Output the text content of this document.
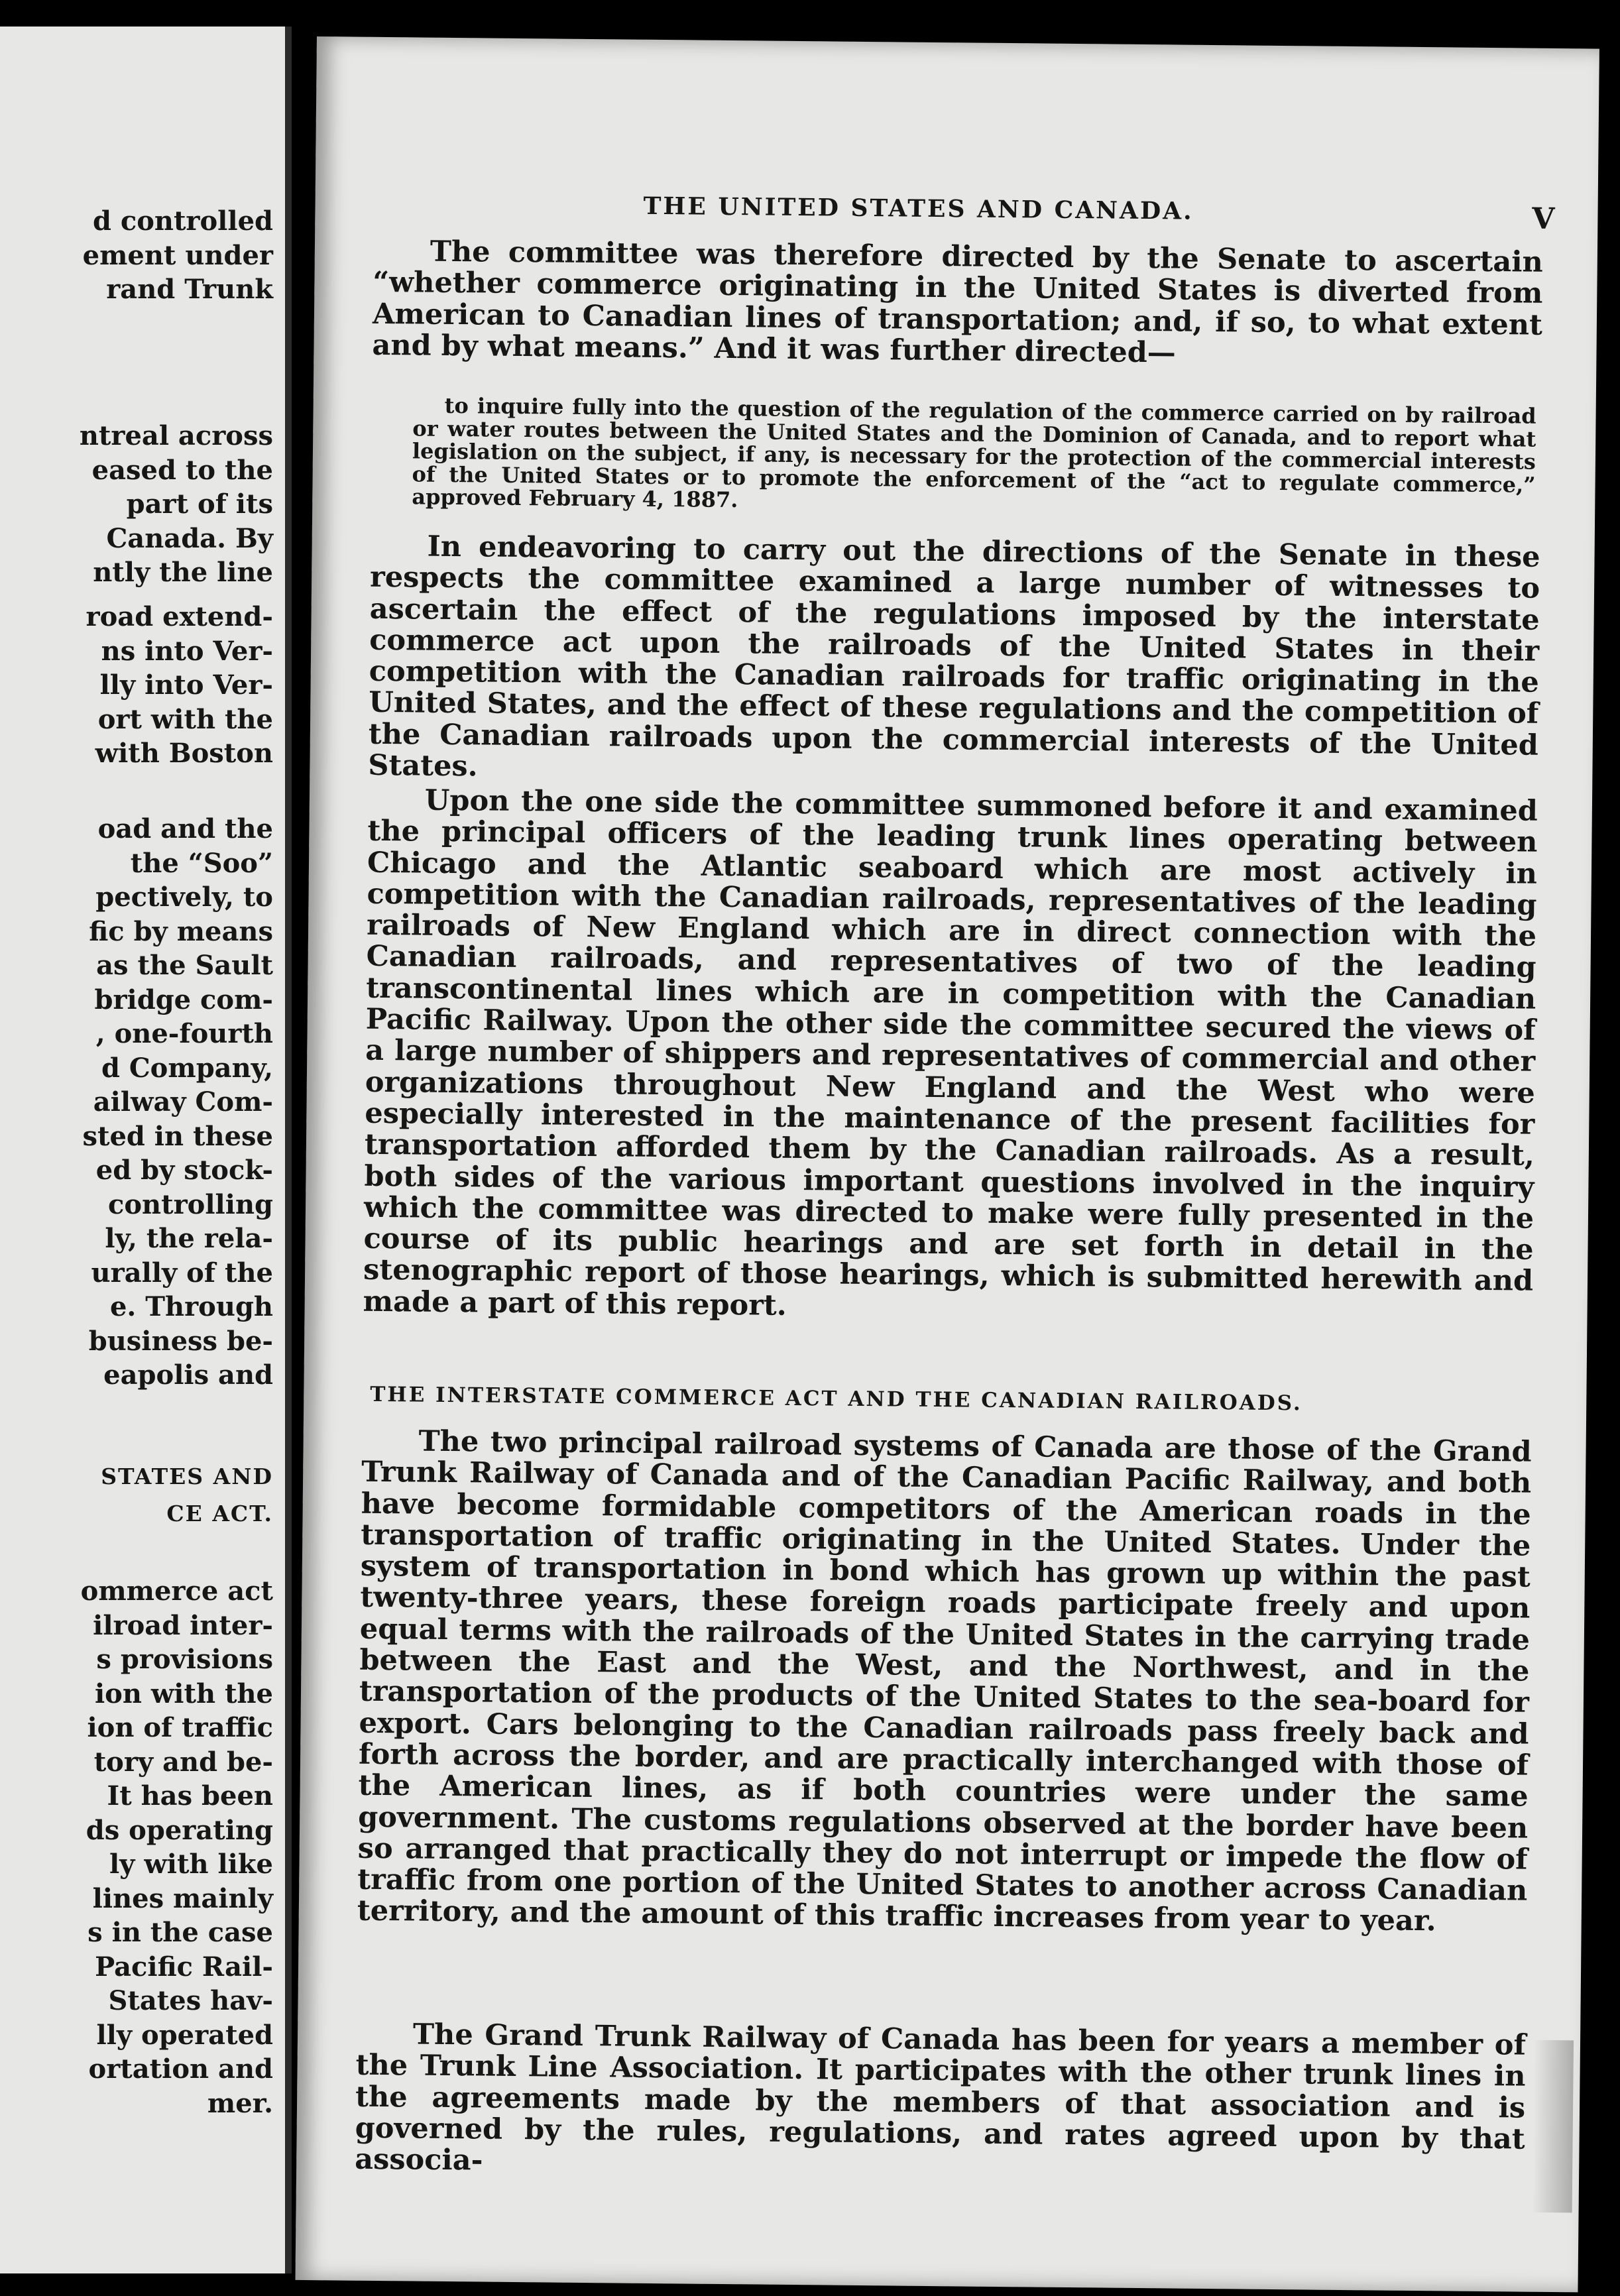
d controlled
ement under
rand Trunk
ntreal across
eased to the
part of its
Canada. By
ntly the line
road extend-
ns into Ver-
lly into Ver-
ort with the
with Boston
oad and the
the “Soo”
pectively, to
fic by means
as the Sault
bridge com-
, one-fourth
d Company,
ailway Com-
sted in these
ed by stock-
controlling
ly, the rela-
urally of the
e. Through
business be-
eapolis and
STATES AND
CE ACT.
ommerce act
ilroad inter-
s provisions
ion with the
ion of traffic
tory and be-
It has been
ds operating
ly with like
lines mainly
s in the case
Pacific Rail-
States hav-
lly operated
ortation and
mer.
THE UNITED STATES AND CANADA.	V

The committee was therefore directed by the Senate to ascertain “whether commerce originating in the United States is diverted from American to Canadian lines of transportation; and, if so, to what extent and by what means.” And it was further directed—

to inquire fully into the question of the regulation of the commerce carried on by railroad or water routes between the United States and the Dominion of Canada, and to report what legislation on the subject, if any, is necessary for the protection of the commercial interests of the United States or to promote the enforcement of the “act to regulate commerce,” approved February 4, 1887.

In endeavoring to carry out the directions of the Senate in these respects the committee examined a large number of witnesses to ascertain the effect of the regulations imposed by the interstate commerce act upon the railroads of the United States in their competition with the Canadian railroads for traffic originating in the United States, and the effect of these regulations and the competition of the Canadian railroads upon the commercial interests of the United States.

Upon the one side the committee summoned before it and examined the principal officers of the leading trunk lines operating between Chicago and the Atlantic seaboard which are most actively in competition with the Canadian railroads, representatives of the leading railroads of New England which are in direct connection with the Canadian railroads, and representatives of two of the leading transcontinental lines which are in competition with the Canadian Pacific Railway. Upon the other side the committee secured the views of a large number of shippers and representatives of commercial and other organizations throughout New England and the West who were especially interested in the maintenance of the present facilities for transportation afforded them by the Canadian railroads. As a result, both sides of the various important questions involved in the inquiry which the committee was directed to make were fully presented in the course of its public hearings and are set forth in detail in the stenographic report of those hearings, which is submitted herewith and made a part of this report.

THE INTERSTATE COMMERCE ACT AND THE CANADIAN RAILROADS.

The two principal railroad systems of Canada are those of the Grand Trunk Railway of Canada and of the Canadian Pacific Railway, and both have become formidable competitors of the American roads in the transportation of traffic originating in the United States. Under the system of transportation in bond which has grown up within the past twenty-three years, these foreign roads participate freely and upon equal terms with the railroads of the United States in the carrying trade between the East and the West, and the Northwest, and in the transportation of the products of the United States to the sea-board for export. Cars belonging to the Canadian railroads pass freely back and forth across the border, and are practically interchanged with those of the American lines, as if both countries were under the same government. The customs regulations observed at the border have been so arranged that practically they do not interrupt or impede the flow of traffic from one portion of the United States to another across Canadian territory, and the amount of this traffic increases from year to year.

The Grand Trunk Railway of Canada has been for years a member of the Trunk Line Association. It participates with the other trunk lines in the agreements made by the members of that association and is governed by the rules, regulations, and rates agreed upon by that associa-
